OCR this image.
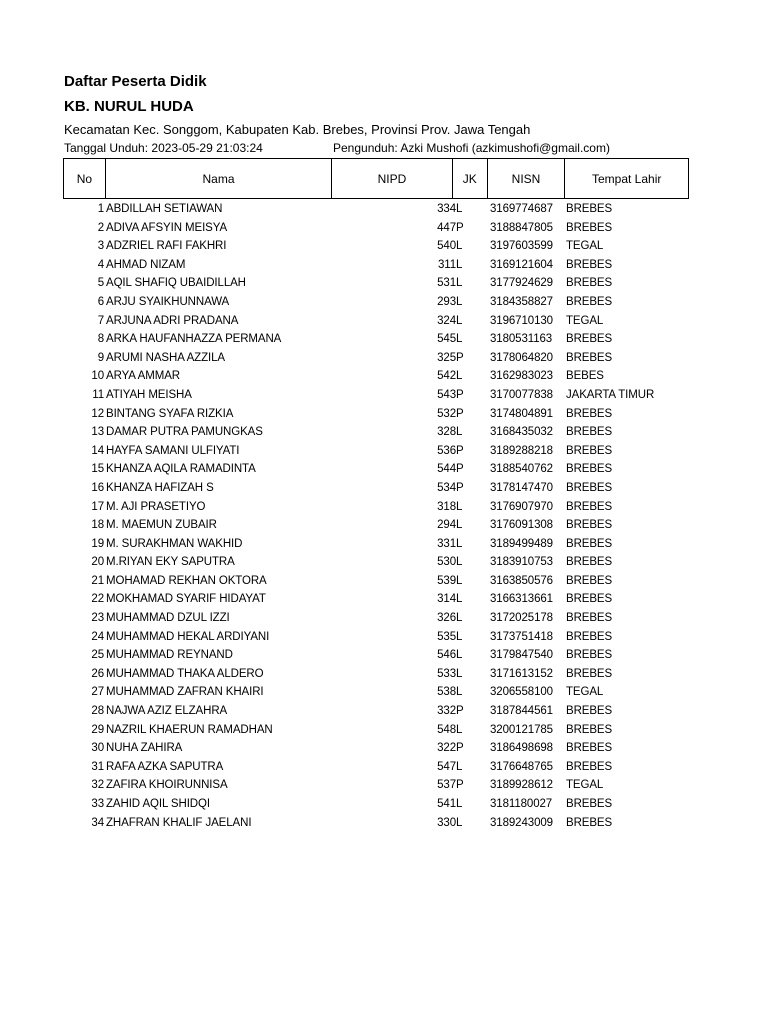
Daftar Peserta Didik
KB. NURUL HUDA
Kecamatan Kec. Songgom, Kabupaten Kab. Brebes, Provinsi Prov. Jawa Tengah
Tanggal Unduh: 2023-05-29 21:03:24	Pengunduh: Azki Mushofi (azkimushofi@gmail.com)
No	Nama	NIPD	JK	NISN	Tempat Lahir
1 ABDILLAH SETIAWAN	334 L 3169774687 BREBES
2 ADIVA AFSYIN MEISYA	447 P 3188847805 BREBES
3 ADZRIEL RAFI FAKHRI	540 L 3197603599 TEGAL
4 AHMAD NIZAM	311 L 3169121604 BREBES
5 AQIL SHAFIQ UBAIDILLAH	531 L 3177924629 BREBES
6 ARJU SYAIKHUNNAWA	293 L 3184358827 BREBES
7 ARJUNA ADRI PRADANA	324 L 3196710130 TEGAL
8 ARKA HAUFANHAZZA PERMANA	545 L 3180531163 BREBES
9 ARUMI NASHA AZZILA	325 P 3178064820 BREBES
10 ARYA AMMAR	542 L 3162983023 BEBES
11 ATIYAH MEISHA	543 P 3170077838 JAKARTA TIMUR
12 BINTANG SYAFA RIZKIA	532 P 3174804891 BREBES
13 DAMAR PUTRA PAMUNGKAS	328 L 3168435032 BREBES
14 HAYFA SAMANI ULFIYATI	536 P 3189288218 BREBES
15 KHANZA AQILA RAMADINTA	544 P 3188540762 BREBES
16 KHANZA HAFIZAH S	534 P 3178147470 BREBES
17 M. AJI PRASETIYO	318 L 3176907970 BREBES
18 M. MAEMUN ZUBAIR	294 L 3176091308 BREBES
19 M. SURAKHMAN WAKHID	331 L 3189499489 BREBES
20 M.RIYAN EKY SAPUTRA	530 L 3183910753 BREBES
21 MOHAMAD REKHAN OKTORA	539 L 3163850576 BREBES
22 MOKHAMAD SYARIF HIDAYAT	314 L 3166313661 BREBES
23 MUHAMMAD DZUL IZZI	326 L 3172025178 BREBES
24 MUHAMMAD HEKAL ARDIYANI	535 L 3173751418 BREBES
25 MUHAMMAD REYNAND	546 L 3179847540 BREBES
26 MUHAMMAD THAKA ALDERO	533 L 3171613152 BREBES
27 MUHAMMAD ZAFRAN KHAIRI	538 L 3206558100 TEGAL
28 NAJWA AZIZ ELZAHRA	332 P 3187844561 BREBES
29 NAZRIL KHAERUN RAMADHAN	548 L 3200121785 BREBES
30 NUHA ZAHIRA	322 P 3186498698 BREBES
31 RAFA AZKA SAPUTRA	547 L 3176648765 BREBES
32 ZAFIRA KHOIRUNNISA	537 P 3189928612 TEGAL
33 ZAHID AQIL SHIDQI	541 L 3181180027 BREBES
34 ZHAFRAN KHALIF JAELANI	330 L 3189243009 BREBES
